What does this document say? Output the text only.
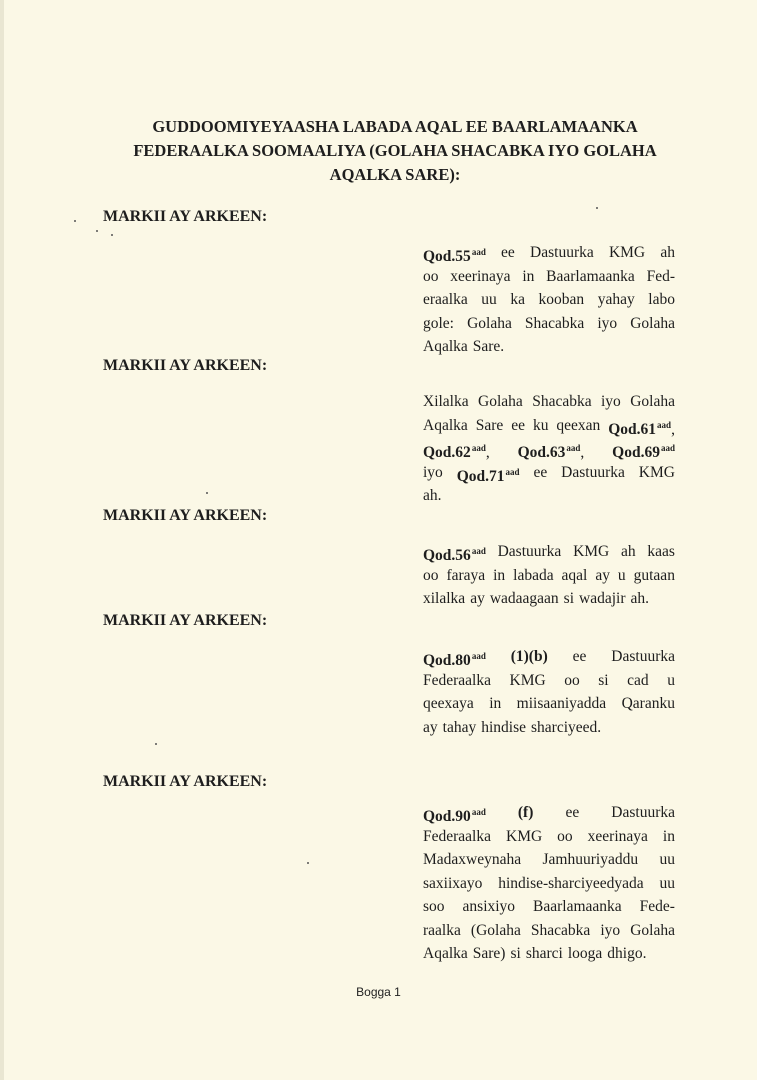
GUDDOOMIYEYAASHA LABADA AQAL EE BAARLAMAANKA
FEDERAALKA SOOMAALIYA (GOLAHA SHACABKA IYO GOLAHA
AQALKA SARE):
MARKII AY ARKEEN:
Qod.55$^{aad}$ ee Dastuurka KMG ah
oo xeerinaya in Baarlamaanka Fed-
eraalka uu ka kooban yahay labo
gole: Golaha Shacabka iyo Golaha
Aqalka Sare.
MARKII AY ARKEEN:
Xilalka Golaha Shacabka iyo Golaha
Aqalka Sare ee ku qeexan Qod.61$^{aad}$,
Qod.62$^{aad}$, Qod.63$^{aad}$, Qod.69$^{aad}$
iyo Qod.71$^{aad}$ ee Dastuurka KMG
ah.
MARKII AY ARKEEN:
Qod.56$^{aad}$ Dastuurka KMG ah kaas
oo faraya in labada aqal ay u gutaan
xilalka ay wadaagaan si wadajir ah.
MARKII AY ARKEEN:
Qod.80$^{aad}$ (1)(b) ee Dastuurka
Federaalka KMG oo si cad u
qeexaya in miisaaniyadda Qaranku
ay tahay hindise sharciyeed.
MARKII AY ARKEEN:
Qod.90$^{aad}$ (f) ee Dastuurka
Federaalka KMG oo xeerinaya in
Madaxweynaha Jamhuuriyaddu uu
saxiixayo hindise-sharciyeedyada uu
soo ansixiyo Baarlamaanka Fede-
raalka (Golaha Shacabka iyo Golaha
Aqalka Sare) si sharci looga dhigo.
Bogga 1
